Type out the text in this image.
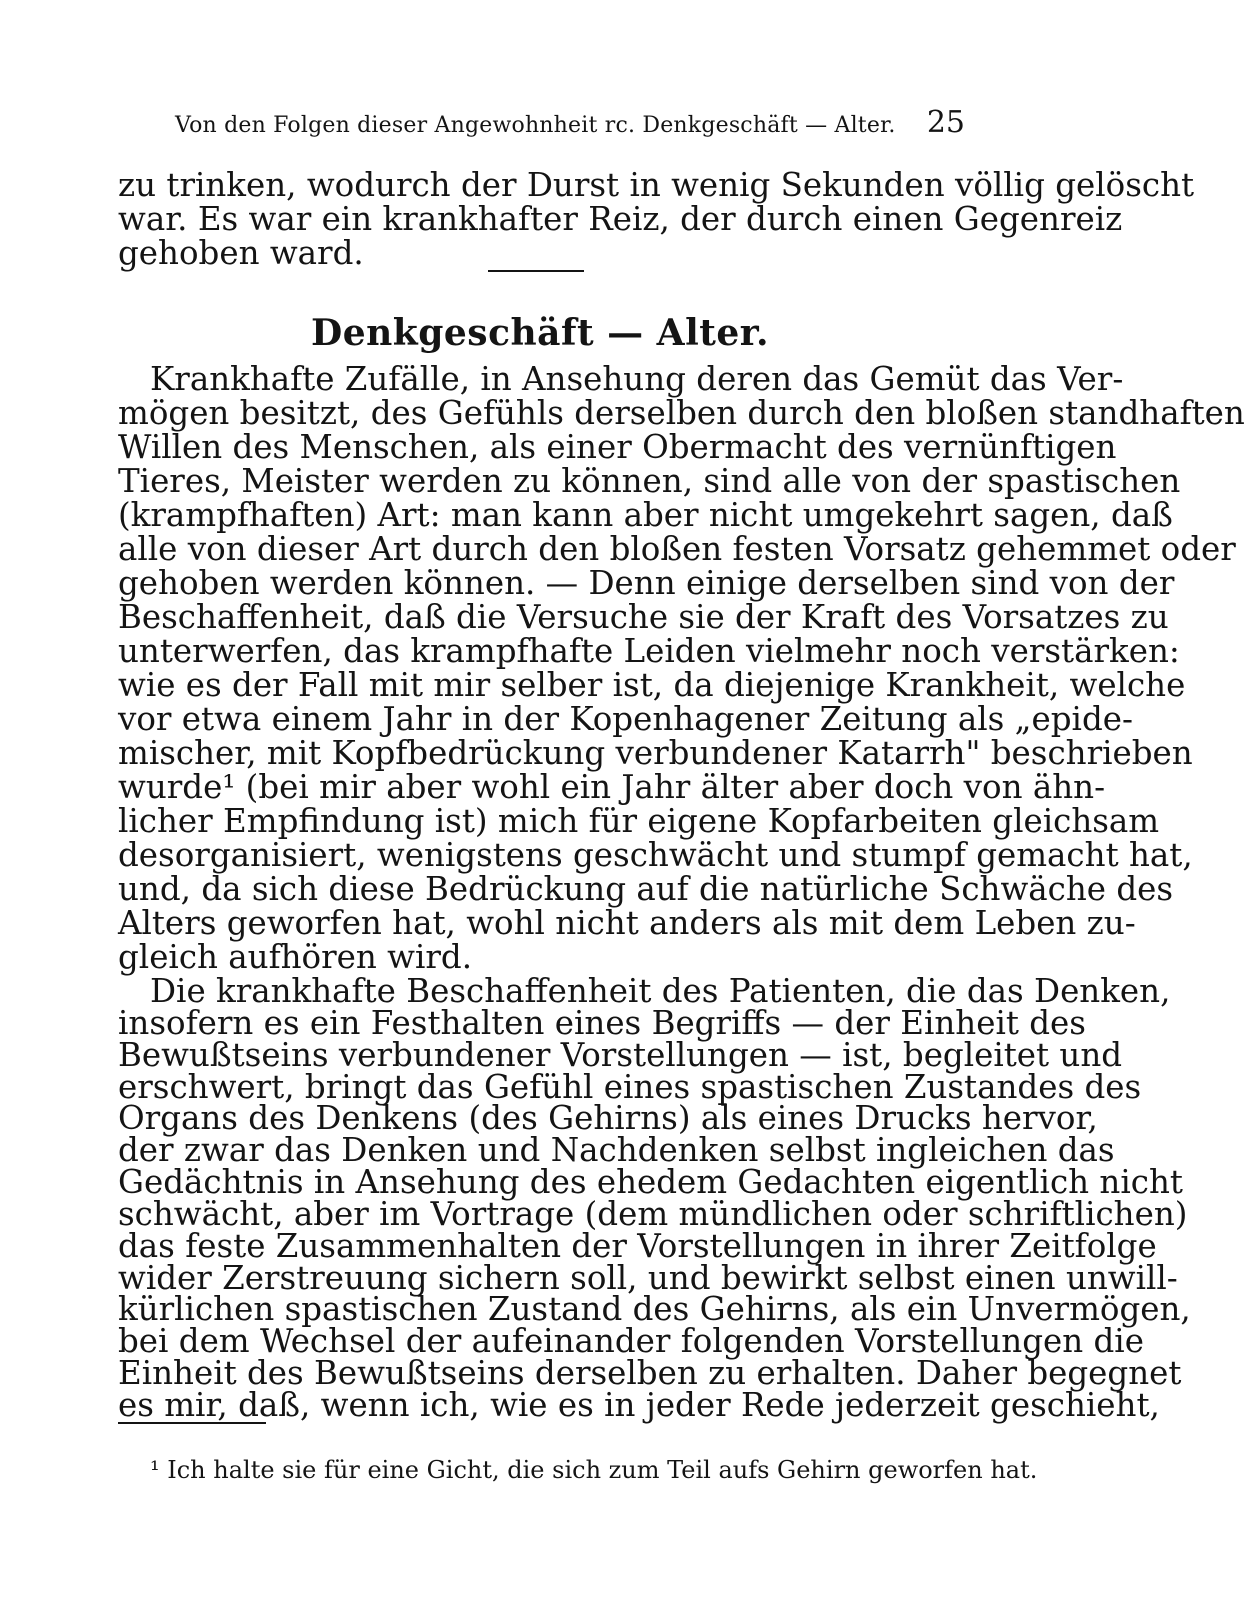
Von den Folgen dieser Angewohnheit rc. Denkgeschäft — Alter. 25
zu trinken, wodurch der Durst in wenig Sekunden völlig gelöscht
war. Es war ein krankhafter Reiz, der durch einen Gegenreiz
gehoben ward.
Denkgeschäft — Alter.
Krankhafte Zufälle, in Ansehung deren das Gemüt das Ver-
mögen besitzt, des Gefühls derselben durch den bloßen standhaften
Willen des Menschen, als einer Obermacht des vernünftigen
Tieres, Meister werden zu können, sind alle von der spastischen
(krampfhaften) Art: man kann aber nicht umgekehrt sagen, daß
alle von dieser Art durch den bloßen festen Vorsatz gehemmet oder
gehoben werden können. — Denn einige derselben sind von der
Beschaffenheit, daß die Versuche sie der Kraft des Vorsatzes zu
unterwerfen, das krampfhafte Leiden vielmehr noch verstärken:
wie es der Fall mit mir selber ist, da diejenige Krankheit, welche
vor etwa einem Jahr in der Kopenhagener Zeitung als „epide-
mischer, mit Kopfbedrückung verbundener Katarrh" beschrieben
wurde¹ (bei mir aber wohl ein Jahr älter aber doch von ähn-
licher Empfindung ist) mich für eigene Kopfarbeiten gleichsam
desorganisiert, wenigstens geschwächt und stumpf gemacht hat,
und, da sich diese Bedrückung auf die natürliche Schwäche des
Alters geworfen hat, wohl nicht anders als mit dem Leben zu-
gleich aufhören wird.
Die krankhafte Beschaffenheit des Patienten, die das Denken,
insofern es ein Festhalten eines Begriffs — der Einheit des
Bewußtseins verbundener Vorstellungen — ist, begleitet und
erschwert, bringt das Gefühl eines spastischen Zustandes des
Organs des Denkens (des Gehirns) als eines Drucks hervor,
der zwar das Denken und Nachdenken selbst ingleichen das
Gedächtnis in Ansehung des ehedem Gedachten eigentlich nicht
schwächt, aber im Vortrage (dem mündlichen oder schriftlichen)
das feste Zusammenhalten der Vorstellungen in ihrer Zeitfolge
wider Zerstreuung sichern soll, und bewirkt selbst einen unwill-
kürlichen spastischen Zustand des Gehirns, als ein Unvermögen,
bei dem Wechsel der aufeinander folgenden Vorstellungen die
Einheit des Bewußtseins derselben zu erhalten. Daher begegnet
¹ Ich halte sie für eine Gicht, die sich zum Teil aufs Gehirn geworfen hat.
es mir, daß, wenn ich, wie es in jeder Rede jederzeit geschieht,
